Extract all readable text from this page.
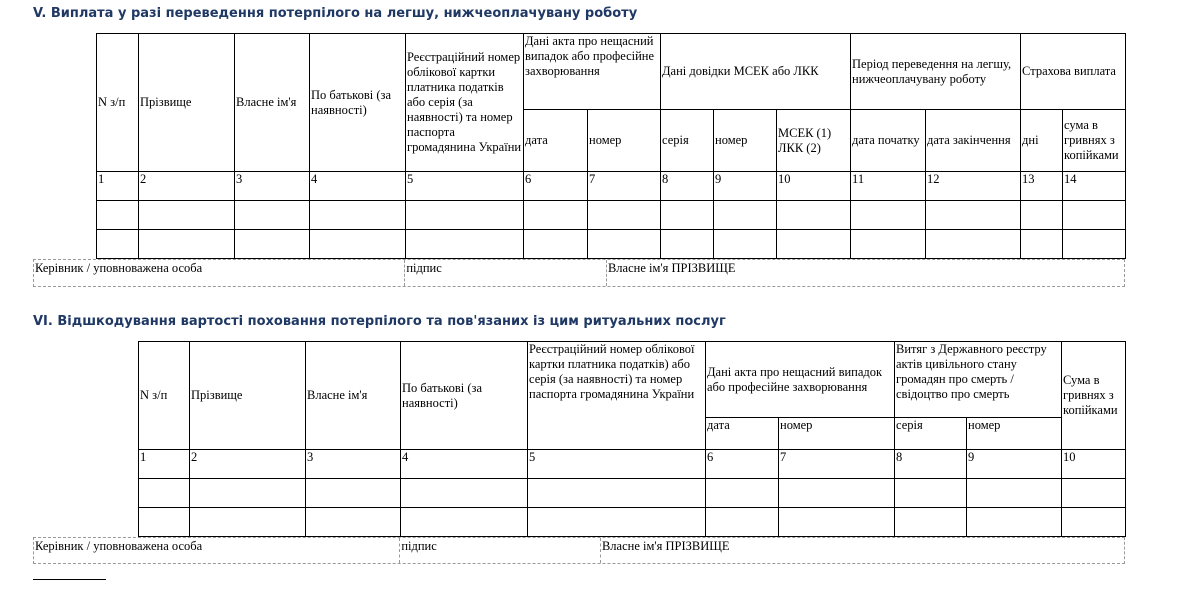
V. Виплата у разі переведення потерпілого на легшу, нижчеоплачувану роботу
N з/п	Прізвище	Власне ім'я	По батькові (за наявності)	Реєстраційний номер облікової картки платника податків або серія (за наявності) та номер паспорта громадянина України	Дані акта про нещасний випадок або професійне захворювання		Дані довідки МСЕК або ЛКК			Період переведення на легшу, нижчеоплачувану роботу		Страхова виплата	
					дата	номер	серія	номер	МСЕК (1) ЛКК (2)	дата початку	дата закінчення	дні	сума в гривнях з копійками
1	2	3	4	5	6	7	8	9	10	11	12	13	14

Керівник / уповноважена особа	підпис	Власне ім'я ПРІЗВИЩЕ
VI. Відшкодування вартості поховання потерпілого та пов'язаних із цим ритуальних послуг
N з/п	Прізвище	Власне ім'я	По батькові (за наявності)	Реєстраційний номер облікової картки платника податків) або серія (за наявності) та номер паспорта громадянина України	Дані акта про нещасний випадок або професійне захворювання		Витяг з Державного реєстру актів цивільного стану громадян про смерть / свідоцтво про смерть		Сума в гривнях з копійками
					дата	номер	серія	номер	
1	2	3	4	5	6	7	8	9	10

Керівник / уповноважена особа	підпис	Власне ім'я ПРІЗВИЩЕ
